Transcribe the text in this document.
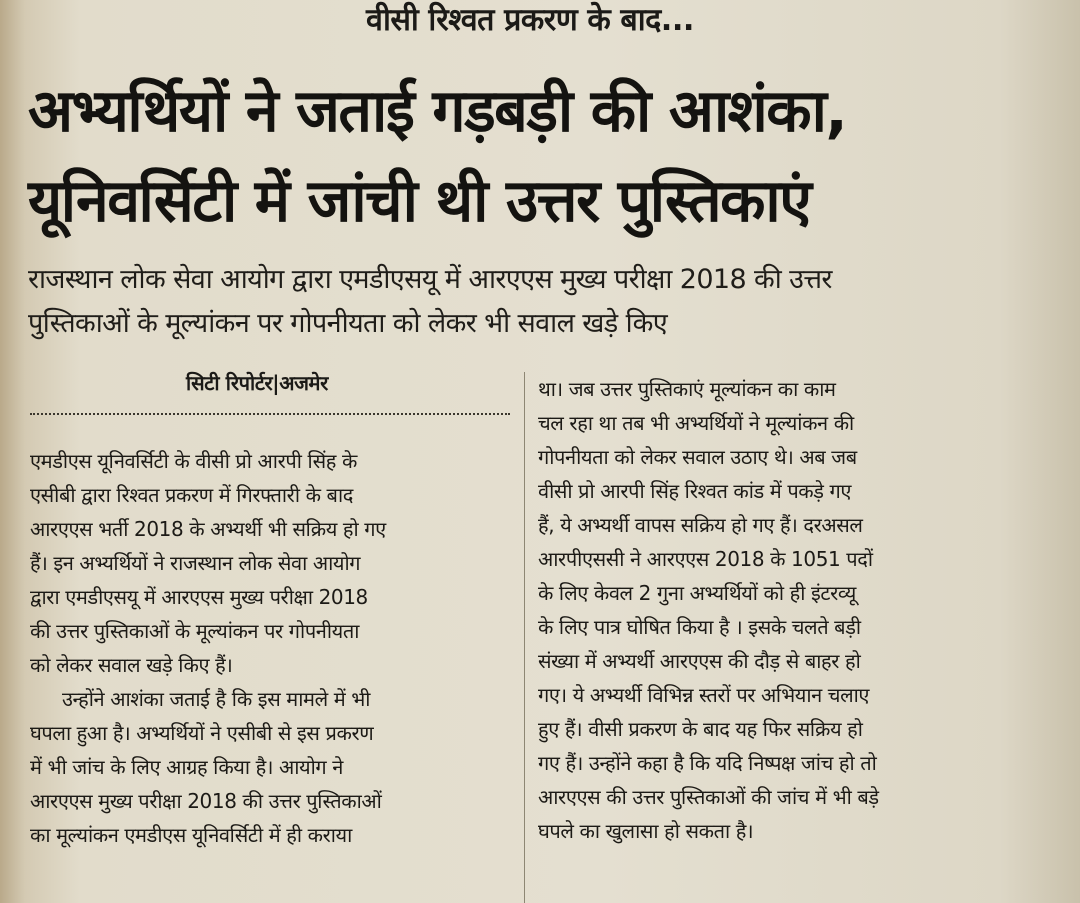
वीसी रिश्वत प्रकरण के बाद...
अभ्यर्थियों ने जताई गड़बड़ी की आशंका,
यूनिवर्सिटी में जांची थी उत्तर पुस्तिकाएं
राजस्थान लोक सेवा आयोग द्वारा एमडीएसयू में आरएएस मुख्य परीक्षा 2018 की उत्तर
पुस्तिकाओं के मूल्यांकन पर गोपनीयता को लेकर भी सवाल खड़े किए
सिटी रिपोर्टर|अजमेर
एमडीएस यूनिवर्सिटी के वीसी प्रो आरपी सिंह के
एसीबी द्वारा रिश्वत प्रकरण में गिरफ्तारी के बाद
आरएएस भर्ती 2018 के अभ्यर्थी भी सक्रिय हो गए
हैं। इन अभ्यर्थियों ने राजस्थान लोक सेवा आयोग
द्वारा एमडीएसयू में आरएएस मुख्य परीक्षा 2018
की उत्तर पुस्तिकाओं के मूल्यांकन पर गोपनीयता
को लेकर सवाल खड़े किए हैं।
उन्होंने आशंका जताई है कि इस मामले में भी
घपला हुआ है। अभ्यर्थियों ने एसीबी से इस प्रकरण
में भी जांच के लिए आग्रह किया है। आयोग ने
आरएएस मुख्य परीक्षा 2018 की उत्तर पुस्तिकाओं
का मूल्यांकन एमडीएस यूनिवर्सिटी में ही कराया
था। जब उत्तर पुस्तिकाएं मूल्यांकन का काम
चल रहा था तब भी अभ्यर्थियों ने मूल्यांकन की
गोपनीयता को लेकर सवाल उठाए थे। अब जब
वीसी प्रो आरपी सिंह रिश्वत कांड में पकड़े गए
हैं, ये अभ्यर्थी वापस सक्रिय हो गए हैं। दरअसल
आरपीएससी ने आरएएस 2018 के 1051 पदों
के लिए केवल 2 गुना अभ्यर्थियों को ही इंटरव्यू
के लिए पात्र घोषित किया है । इसके चलते बड़ी
संख्या में अभ्यर्थी आरएएस की दौड़ से बाहर हो
गए। ये अभ्यर्थी विभिन्न स्तरों पर अभियान चलाए
हुए हैं। वीसी प्रकरण के बाद यह फिर सक्रिय हो
गए हैं। उन्होंने कहा है कि यदि निष्पक्ष जांच हो तो
आरएएस की उत्तर पुस्तिकाओं की जांच में भी बड़े
घपले का खुलासा हो सकता है।
